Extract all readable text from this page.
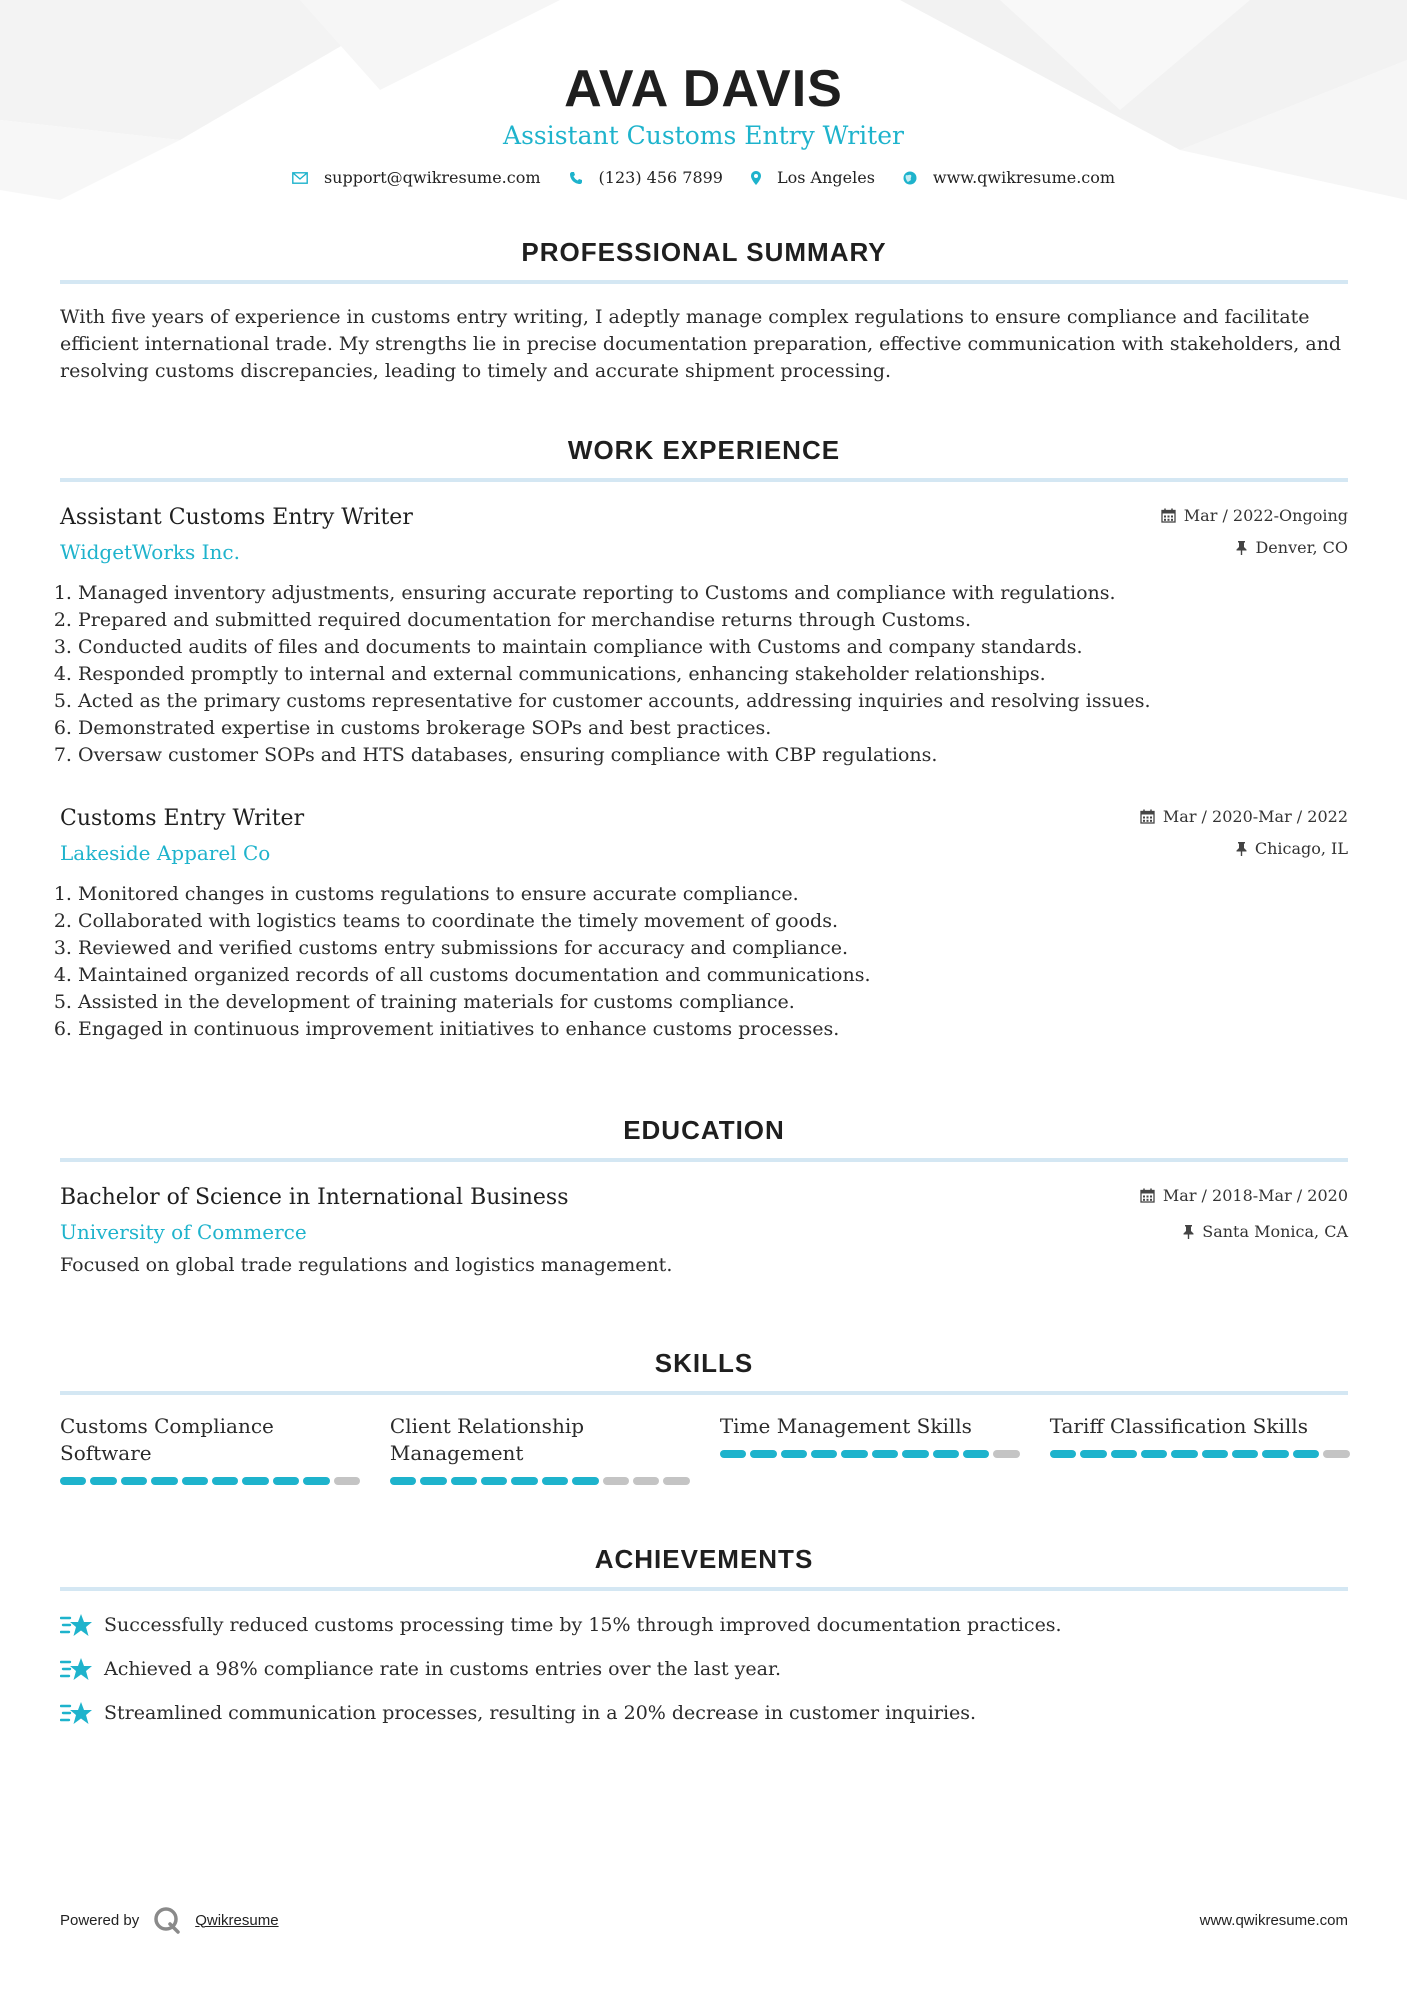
AVA DAVIS
Assistant Customs Entry Writer
support@qwikresume.com	(123) 456 7899	Los Angeles	www.qwikresume.com
PROFESSIONAL SUMMARY
With five years of experience in customs entry writing, I adeptly manage complex regulations to ensure compliance and facilitate efficient international trade. My strengths lie in precise documentation preparation, effective communication with stakeholders, and resolving customs discrepancies, leading to timely and accurate shipment processing.
WORK EXPERIENCE
Assistant Customs Entry Writer
WidgetWorks Inc.
Mar / 2022-Ongoing
Denver, CO
1. Managed inventory adjustments, ensuring accurate reporting to Customs and compliance with regulations.
2. Prepared and submitted required documentation for merchandise returns through Customs.
3. Conducted audits of files and documents to maintain compliance with Customs and company standards.
4. Responded promptly to internal and external communications, enhancing stakeholder relationships.
5. Acted as the primary customs representative for customer accounts, addressing inquiries and resolving issues.
6. Demonstrated expertise in customs brokerage SOPs and best practices.
7. Oversaw customer SOPs and HTS databases, ensuring compliance with CBP regulations.
Customs Entry Writer
Lakeside Apparel Co
Mar / 2020-Mar / 2022
Chicago, IL
1. Monitored changes in customs regulations to ensure accurate compliance.
2. Collaborated with logistics teams to coordinate the timely movement of goods.
3. Reviewed and verified customs entry submissions for accuracy and compliance.
4. Maintained organized records of all customs documentation and communications.
5. Assisted in the development of training materials for customs compliance.
6. Engaged in continuous improvement initiatives to enhance customs processes.
EDUCATION
Bachelor of Science in International Business
University of Commerce
Mar / 2018-Mar / 2020
Santa Monica, CA
Focused on global trade regulations and logistics management.
SKILLS
Customs Compliance Software
Client Relationship Management
Time Management Skills	Tariff Classification Skills
ACHIEVEMENTS
Successfully reduced customs processing time by 15% through improved documentation practices.
Achieved a 98% compliance rate in customs entries over the last year.
Streamlined communication processes, resulting in a 20% decrease in customer inquiries.
Powered by	Qwikresume	www.qwikresume.com
